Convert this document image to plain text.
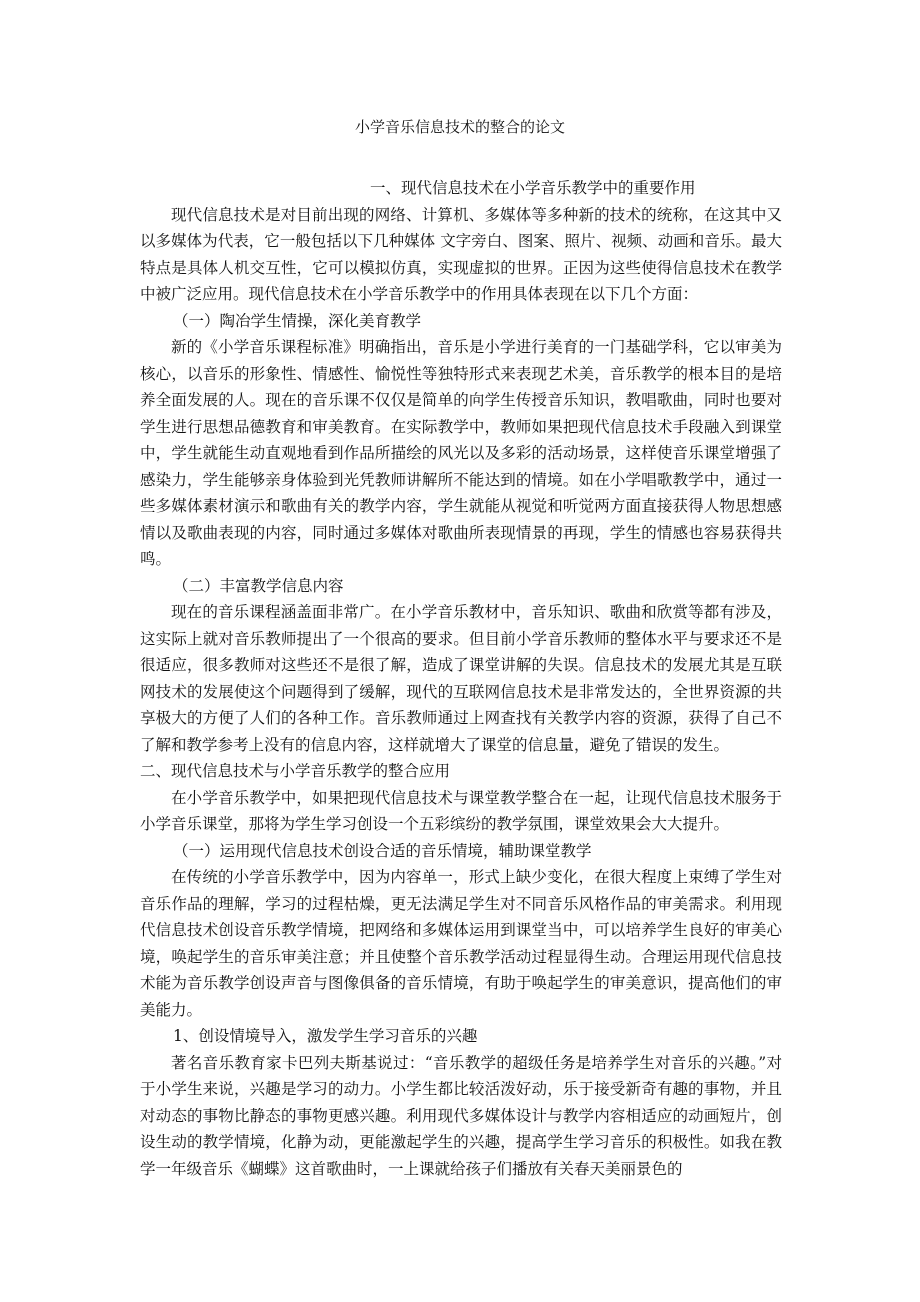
小学音乐信息技术的整合的论文

一、现代信息技术在小学音乐教学中的重要作用

现代信息技术是对目前出现的网络、计算机、多媒体等多种新的技术的统称，在这其中又以多媒体为代表，它一般包括以下几种媒体 文字旁白、图案、照片、视频、动画和音乐。最大特点是具体人机交互性，它可以模拟仿真，实现虚拟的世界。正因为这些使得信息技术在教学中被广泛应用。现代信息技术在小学音乐教学中的作用具体表现在以下几个方面：

（一）陶冶学生情操，深化美育教学

新的《小学音乐课程标准》明确指出，音乐是小学进行美育的一门基础学科，它以审美为核心，以音乐的形象性、情感性、愉悦性等独特形式来表现艺术美，音乐教学的根本目的是培养全面发展的人。现在的音乐课不仅仅是简单的向学生传授音乐知识，教唱歌曲，同时也要对学生进行思想品德教育和审美教育。在实际教学中，教师如果把现代信息技术手段融入到课堂中，学生就能生动直观地看到作品所描绘的风光以及多彩的活动场景，这样使音乐课堂增强了感染力，学生能够亲身体验到光凭教师讲解所不能达到的情境。如在小学唱歌教学中，通过一些多媒体素材演示和歌曲有关的教学内容，学生就能从视觉和听觉两方面直接获得人物思想感情以及歌曲表现的内容，同时通过多媒体对歌曲所表现情景的再现，学生的情感也容易获得共鸣。

（二）丰富教学信息内容

现在的音乐课程涵盖面非常广。在小学音乐教材中，音乐知识、歌曲和欣赏等都有涉及，这实际上就对音乐教师提出了一个很高的要求。但目前小学音乐教师的整体水平与要求还不是很适应，很多教师对这些还不是很了解，造成了课堂讲解的失误。信息技术的发展尤其是互联网技术的发展使这个问题得到了缓解，现代的互联网信息技术是非常发达的，全世界资源的共享极大的方便了人们的各种工作。音乐教师通过上网查找有关教学内容的资源，获得了自己不了解和教学参考上没有的信息内容，这样就增大了课堂的信息量，避免了错误的发生。

二、现代信息技术与小学音乐教学的整合应用

在小学音乐教学中，如果把现代信息技术与课堂教学整合在一起，让现代信息技术服务于小学音乐课堂，那将为学生学习创设一个五彩缤纷的教学氛围，课堂效果会大大提升。

（一）运用现代信息技术创设合适的音乐情境，辅助课堂教学

在传统的小学音乐教学中，因为内容单一，形式上缺少变化，在很大程度上束缚了学生对音乐作品的理解，学习的过程枯燥，更无法满足学生对不同音乐风格作品的审美需求。利用现代信息技术创设音乐教学情境，把网络和多媒体运用到课堂当中，可以培养学生良好的审美心境，唤起学生的音乐审美注意；并且使整个音乐教学活动过程显得生动。合理运用现代信息技术能为音乐教学创设声音与图像俱备的音乐情境，有助于唤起学生的审美意识，提高他们的审美能力。

1、创设情境导入，激发学生学习音乐的兴趣

著名音乐教育家卡巴列夫斯基说过：“音乐教学的超级任务是培养学生对音乐的兴趣。”对于小学生来说，兴趣是学习的动力。小学生都比较活泼好动，乐于接受新奇有趣的事物，并且对动态的事物比静态的事物更感兴趣。利用现代多媒体设计与教学内容相适应的动画短片，创设生动的教学情境，化静为动，更能激起学生的兴趣，提高学生学习音乐的积极性。如我在教学一年级音乐《蝴蝶》这首歌曲时，一上课就给孩子们播放有关春天美丽景色的
